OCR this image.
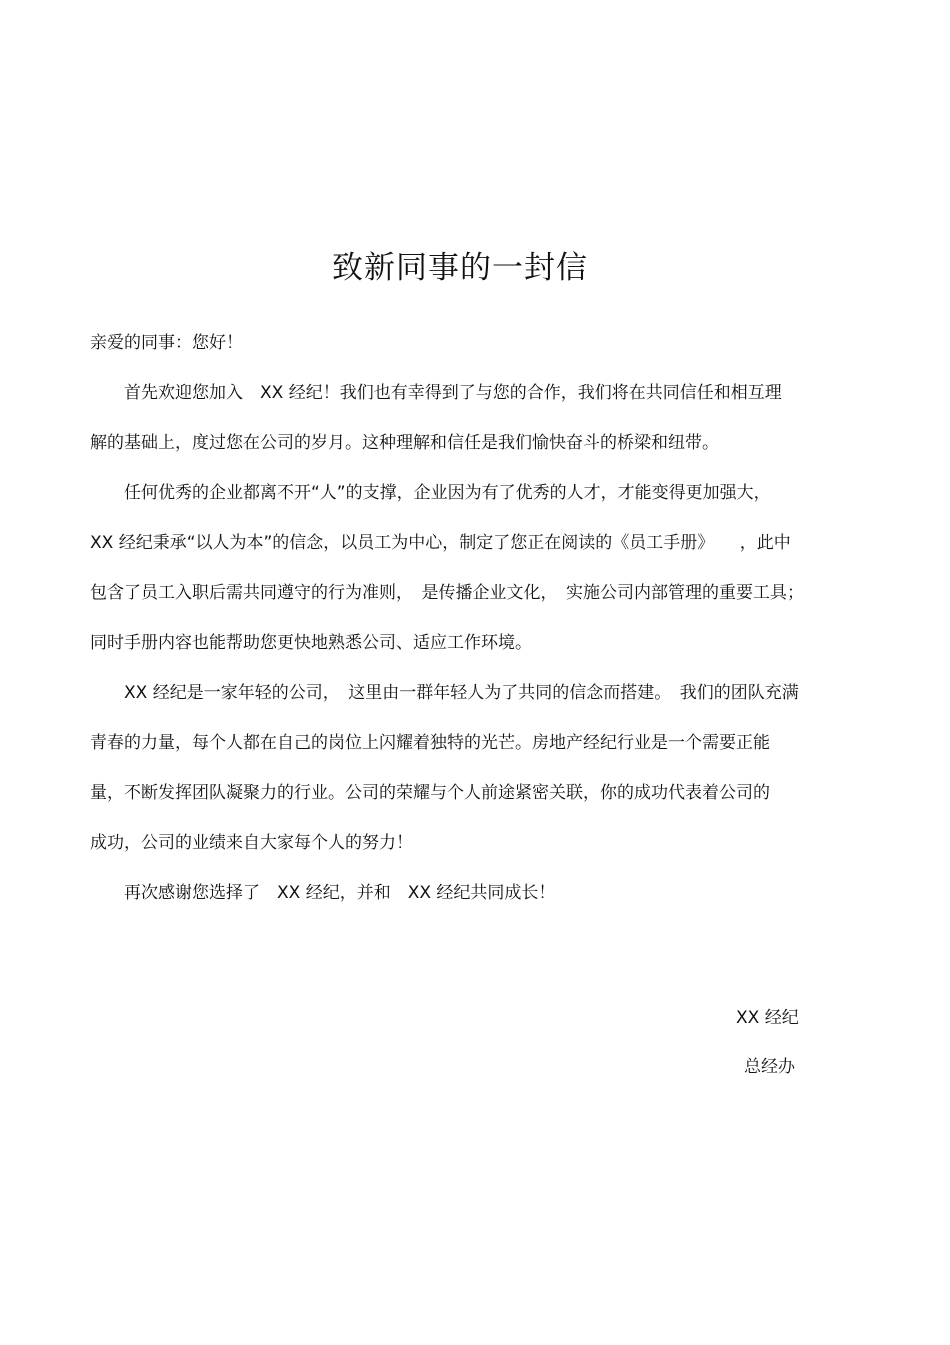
致新同事的一封信
亲爱的同事：您好！
　　首先欢迎您加入　XX 经纪！我们也有幸得到了与您的合作，我们将在共同信任和相互理
解的基础上，度过您在公司的岁月。这种理解和信任是我们愉快奋斗的桥梁和纽带。
　　任何优秀的企业都离不开“人”的支撑，企业因为有了优秀的人才，才能变得更加强大，
XX 经纪秉承“以人为本”的信念，以员工为中心，制定了您正在阅读的《员工手册》　　，此中
包含了员工入职后需共同遵守的行为准则，　是传播企业文化，　实施公司内部管理的重要工具；
同时手册内容也能帮助您更快地熟悉公司、适应工作环境。
　　XX 经纪是一家年轻的公司，　这里由一群年轻人为了共同的信念而搭建。　我们的团队充满
青春的力量，每个人都在自己的岗位上闪耀着独特的光芒。房地产经纪行业是一个需要正能
量，不断发挥团队凝聚力的行业。公司的荣耀与个人前途紧密关联，你的成功代表着公司的
成功，公司的业绩来自大家每个人的努力！
　　再次感谢您选择了　XX 经纪，并和　XX 经纪共同成长！
XX 经纪
总经办
